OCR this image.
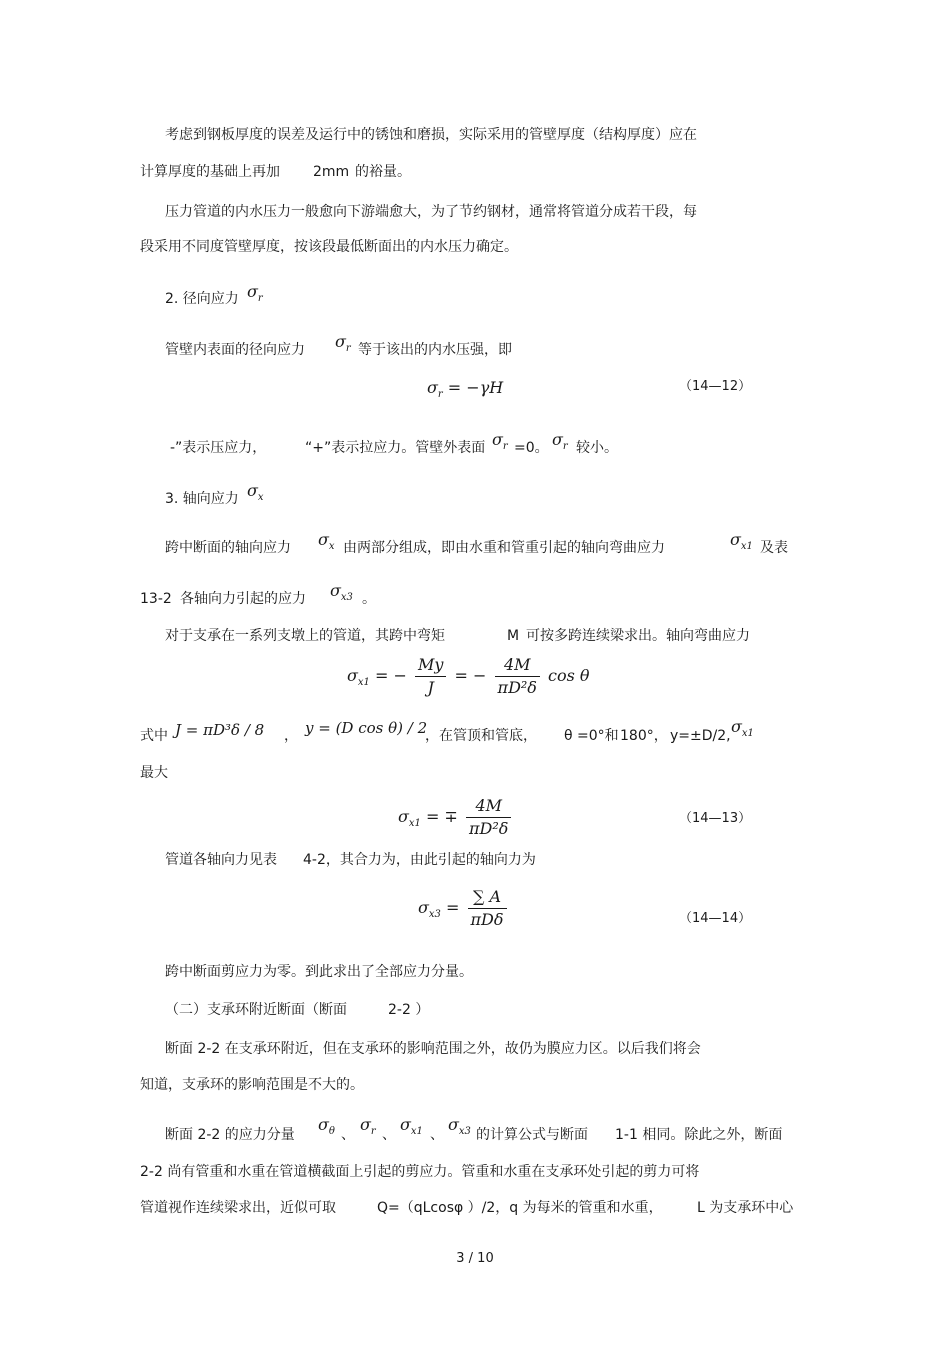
考虑到钢板厚度的误差及运行中的锈蚀和磨损，实际采用的管壁厚度（结构厚度）应在
计算厚度的基础上再加 2mm 的裕量。
压力管道的内水压力一般愈向下游端愈大，为了节约钢材，通常将管道分成若干段，每
段采用不同度管壁厚度，按该段最低断面出的内水压力确定。
2. 径向应力 $\sigma_r$
管壁内表面的径向应力 $\sigma_r$ 等于该出的内水压强，即
$\sigma_r = -\gamma H$	（14—12）
-”表示压应力，	“+”表示拉应力。管壁外表面 $\sigma_r =0$。 $\sigma_r$ 较小。
3. 轴向应力 $\sigma_x$
跨中断面的轴向应力 $\sigma_x$ 由两部分组成，即由水重和管重引起的轴向弯曲应力	$\sigma_{x1}$ 及表
13-2 各轴向力引起的应力 $\sigma_{x3}$ 。
对于支承在一系列支墩上的管道，其跨中弯矩	M 可按多跨连续梁求出。轴向弯曲应力
$\sigma_{x1}$ = − $\frac{My}{J}$ = − $\frac{4M}{\text{πD²δ}}$ cos θ
式中 J = πD³δ / 8 ， y = (D cos θ) / 2
，在管顶和管底， θ =0°和 180°， y=±D/2, $\sigma_{x1}$
最大
$\sigma_{x1}$ = ∓ $\frac{4M}{\text{πD²δ}}$	（14—13）
管道各轴向力见表 4-2，其合力为，由此引起的轴向力为
$\sigma_{x3} = \frac{\sum A}{\text{πDδ}}$	（14—14）
跨中断面剪应力为零。到此求出了全部应力分量。
（二）支承环附近断面（断面	2-2 ）
断面 2-2 在支承环附近，但在支承环的影响范围之外，故仍为膜应力区。以后我们将会
知道，支承环的影响范围是不大的。
断面 2-2 的应力分量
$\sigma_\theta$ 、
$\sigma_r$ 、
$\sigma_{x1}$ 、
$\sigma_{x3}$ 的计算公式与断面 1-1 相同。除此之外，断面
2-2 尚有管重和水重在管道横截面上引起的剪应力。管重和水重在支承环处引起的剪力可将
管道视作连续梁求出，近似可取	Q=（qLcosφ ）/2，q 为每米的管重和水重， L 为支承环中心
3 / 10
